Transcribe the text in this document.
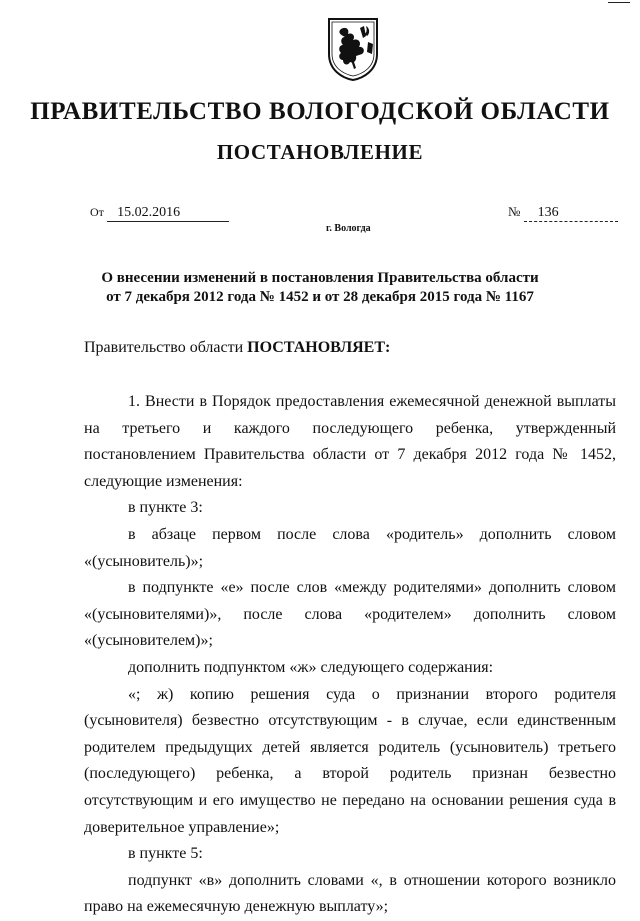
ПРАВИТЕЛЬСТВО ВОЛОГОДСКОЙ ОБЛАСТИ
ПОСТАНОВЛЕНИЕ
От 15.02.2016	№ 136
г. Вологда
О внесении изменений в постановления Правительства области
от 7 декабря 2012 года № 1452 и от 28 декабря 2015 года № 1167
Правительство области ПОСТАНОВЛЯЕТ:

1. Внести в Порядок предоставления ежемесячной денежной выплаты на третьего и каждого последующего ребенка, утвержденный постановлением Правительства области от 7 декабря 2012 года № 1452, следующие изменения:

в пункте 3:

в абзаце первом после слова «родитель» дополнить словом «(усыновитель)»;

в подпункте «е» после слов «между родителями» дополнить словом «(усыновителями)», после слова «родителем» дополнить словом «(усыновителем)»;

дополнить подпунктом «ж» следующего содержания:

«; ж) копию решения суда о признании второго родителя (усыновителя) безвестно отсутствующим - в случае, если единственным родителем предыдущих детей является родитель (усыновитель) третьего (последующего) ребенка, а второй родитель признан безвестно отсутствующим и его имущество не передано на основании решения суда в доверительное управление»;

в пункте 5:

подпункт «в» дополнить словами «, в отношении которого возникло право на ежемесячную денежную выплату»;
